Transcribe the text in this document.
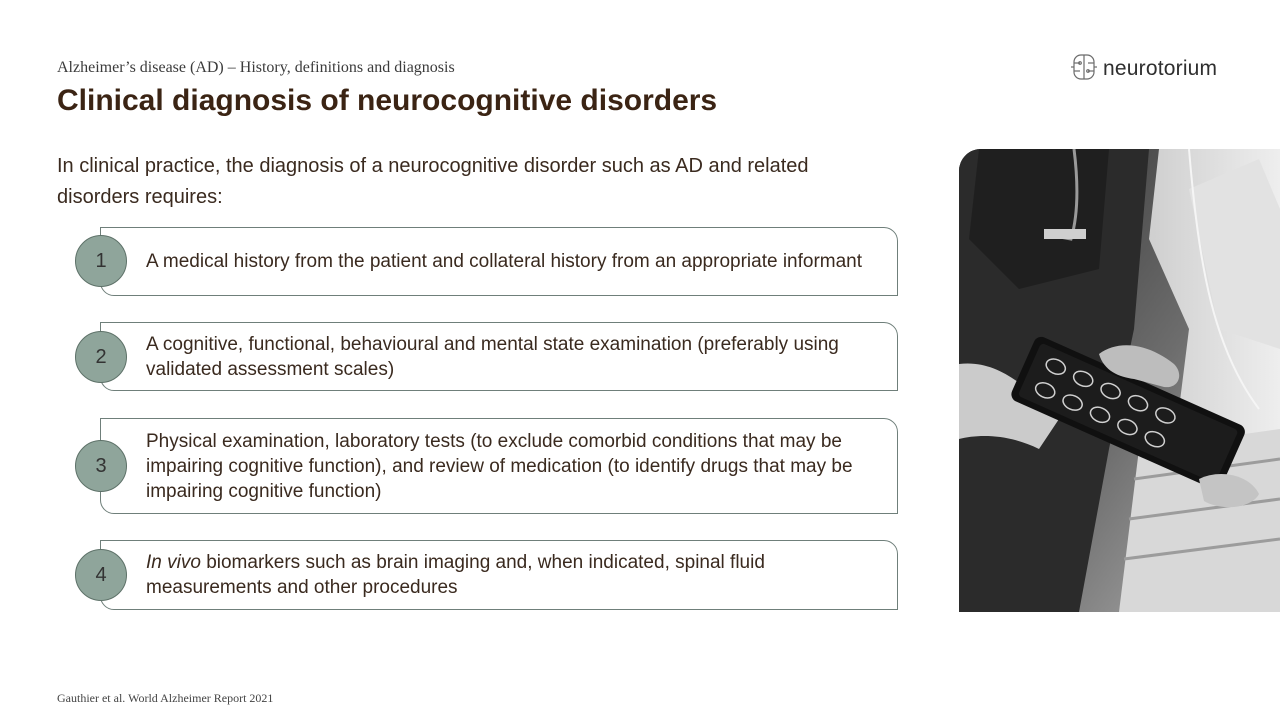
Alzheimer’s disease (AD) – History, definitions and diagnosis
Clinical diagnosis of neurocognitive disorders
neurotorium
In clinical practice, the diagnosis of a neurocognitive disorder such as AD and related disorders requires:
1	A medical history from the patient and collateral history from an appropriate informant
2
A cognitive, functional, behavioural and mental state examination (preferably using validated assessment scales)
3
Physical examination, laboratory tests (to exclude comorbid conditions that may be impairing cognitive function), and review of medication (to identify drugs that may be impairing cognitive function)
4
In vivo biomarkers such as brain imaging and, when indicated, spinal fluid measurements and other procedures
Gauthier et al. World Alzheimer Report 2021
